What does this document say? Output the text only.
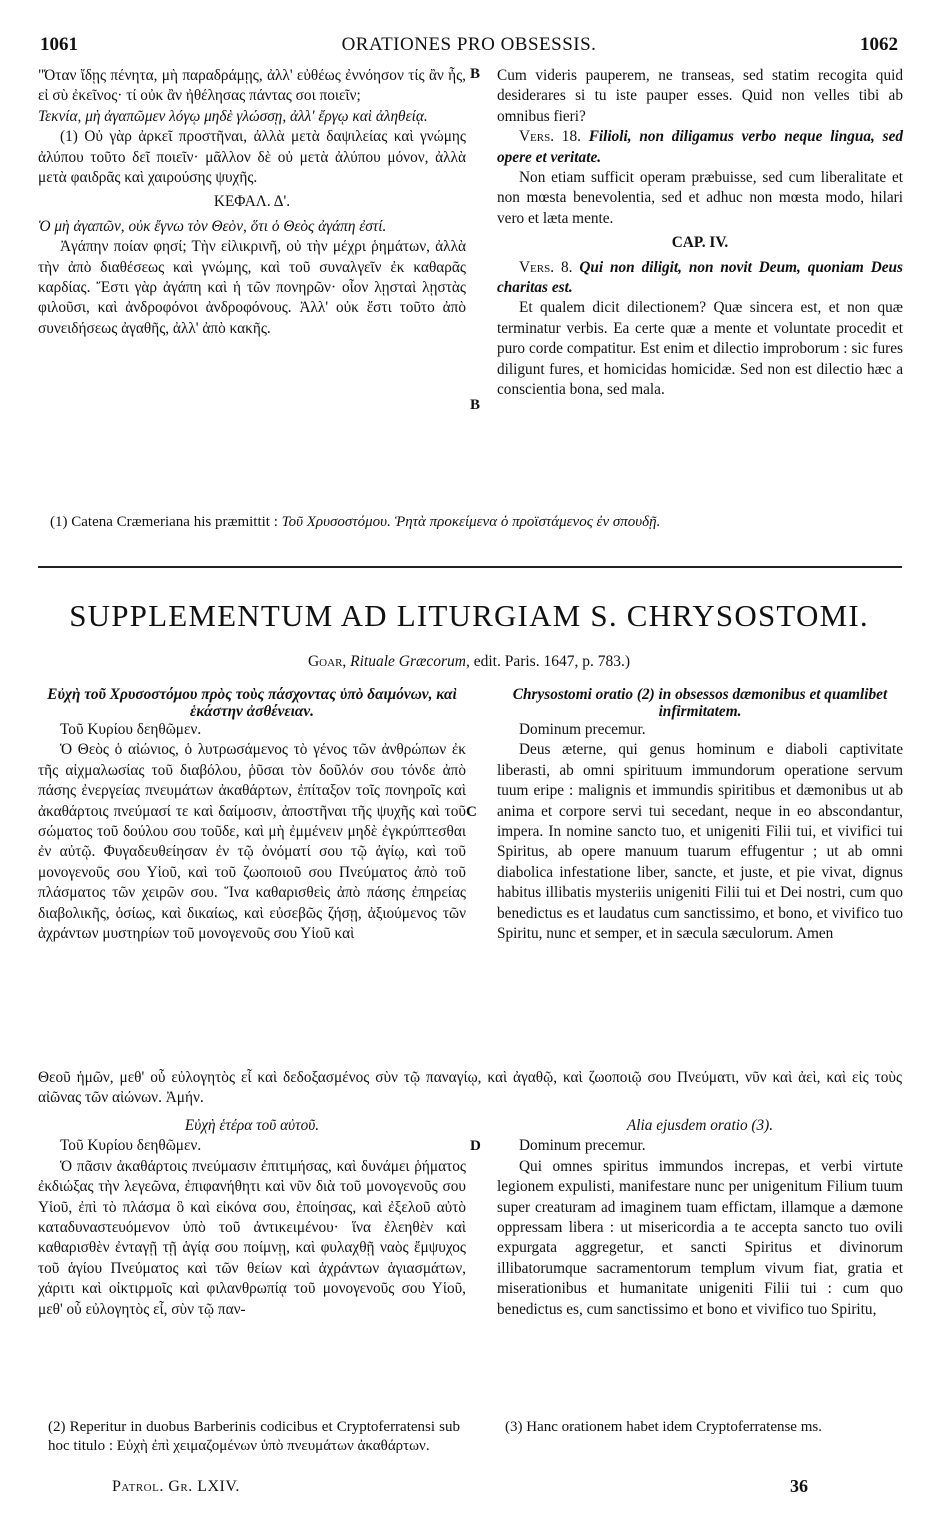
1061	ORATIONES PRO OBSESSIS.	1062

"Όταν ἴδῃς πένητα, μὴ παραδράμῃς, ἀλλ' εὐθέως ἐννόησον τίς ἂν ἦς, εἰ σὺ ἐκεῖνος· τί οὐκ ἂν ἠθέλησας πάντας σοι ποιεῖν;

Τεκνία, μὴ ἀγαπῶμεν λόγῳ μηδὲ γλώσσῃ, ἀλλ' ἔργῳ καὶ ἀληθείᾳ.

(1) Οὐ γὰρ ἀρκεῖ προστῆναι, ἀλλὰ μετὰ δαψιλείας καὶ γνώμης ἀλύπου τοῦτο δεῖ ποιεῖν· μᾶλλον δὲ οὐ μετὰ ἀλύπου μόνον, ἀλλὰ μετὰ φαιδρᾶς καὶ χαιρούσης ψυχῆς.

ΚΕΦΑΛ. Δ'.

Ὁ μὴ ἀγαπῶν, οὐκ ἔγνω τὸν Θεὸν, ὅτι ὁ Θεὸς ἀγάπη ἐστί.

Ἀγάπην ποίαν φησί; Τὴν εἰλικρινῆ, οὐ τὴν μέχρι ῥημάτων, ἀλλὰ τὴν ἀπὸ διαθέσεως καὶ γνώμης, καὶ τοῦ συναλγεῖν ἐκ καθαρᾶς καρδίας. Ἔστι γὰρ ἀγάπη καὶ ἡ τῶν πονηρῶν· οἷον λῃσταὶ λῃστὰς φιλοῦσι, καὶ ἀνδροφόνοι ἀνδροφόνους. Ἀλλ' οὐκ ἔστι τοῦτο ἀπὸ συνειδήσεως ἀγαθῆς, ἀλλ' ἀπὸ κακῆς.

B
B

Cum videris pauperem, ne transeas, sed statim recogita quid desiderares si tu iste pauper esses. Quid non velles tibi ab omnibus fieri?

Vers. 18. Filioli, non diligamus verbo neque lingua, sed opere et veritate.

Non etiam sufficit operam præbuisse, sed cum liberalitate et non mœsta benevolentia, sed et adhuc non mœsta modo, hilari vero et læta mente.

CAP. IV.

Vers. 8. Qui non diligit, non novit Deum, quoniam Deus charitas est.

Et qualem dicit dilectionem? Quæ sincera est, et non quæ terminatur verbis. Ea certe quæ a mente et voluntate procedit et puro corde compatitur. Est enim et dilectio improborum : sic fures diligunt fures, et homicidas homicidæ. Sed non est dilectio hæc a conscientia bona, sed mala.

(1) Catena Cræmeriana his præmittit : Τοῦ Χρυσοστόμου. Ῥητὰ προκείμενα ὁ προϊστάμενος ἐν σπουδῇ.
SUPPLEMENTUM AD LITURGIAM S. CHRYSOSTOMI.
Goar, Rituale Græcorum, edit. Paris. 1647, p. 783.)

Εὐχὴ τοῦ Χρυσοστόμου πρὸς τοὺς πάσχοντας ὑπὸ δαιμόνων, καὶ ἑκάστην ἀσθένειαν.

Τοῦ Κυρίου δεηθῶμεν.

Ὁ Θεὸς ὁ αἰώνιος, ὁ λυτρωσάμενος τὸ γένος τῶν ἀνθρώπων ἐκ τῆς αἰχμαλωσίας τοῦ διαβόλου, ῥῦσαι τὸν δοῦλόν σου τόνδε ἀπὸ πάσης ἐνεργείας πνευμάτων ἀκαθάρτων, ἐπίταξον τοῖς πονηροῖς καὶ ἀκαθάρτοις πνεύμασί τε καὶ δαίμοσιν, ἀποστῆναι τῆς ψυχῆς καὶ τοῦ σώματος τοῦ δούλου σου τοῦδε, καὶ μὴ ἐμμένειν μηδὲ ἐγκρύπτεσθαι ἐν αὐτῷ. Φυγαδευθείησαν ἐν τῷ ὀνόματί σου τῷ ἁγίῳ, καὶ τοῦ μονογενοῦς σου Υἱοῦ, καὶ τοῦ ζωοποιοῦ σου Πνεύματος ἀπὸ τοῦ πλάσματος τῶν χειρῶν σου. Ἵνα καθαρισθεὶς ἀπὸ πάσης ἐπηρείας διαβολικῆς, ὁσίως, καὶ δικαίως, καὶ εὐσεβῶς ζήσῃ, ἀξιούμενος τῶν ἀχράντων μυστηρίων τοῦ μονογενοῦς σου Υἱοῦ καὶ

Chrysostomi oratio (2) in obsessos dæmonibus et quamlibet infirmitatem.

Dominum precemur.

Deus æterne, qui genus hominum e diaboli captivitate liberasti, ab omni spirituum immundorum operatione servum tuum eripe : malignis et immundis spiritibus et dæmonibus ut ab anima et corpore servi tui secedant, neque in eo abscondantur, impera. In nomine sancto tuo, et unigeniti Filii tui, et vivifici tui Spiritus, ab opere manuum tuarum effugentur ; ut ab omni diabolica infestatione liber, sancte, et juste, et pie vivat, dignus habitus illibatis mysteriis unigeniti Filii tui et Dei nostri, cum quo benedictus es et laudatus cum sanctissimo, et bono, et vivifico tuo Spiritu, nunc et semper, et in sæcula sæculorum. Amen

C

Θεοῦ ἡμῶν, μεθ' οὗ εὐλογητὸς εἶ καὶ δεδοξασμένος σὺν τῷ παναγίῳ, καὶ ἀγαθῷ, καὶ ζωοποιῷ σου Πνεύματι, νῦν καὶ ἀεὶ, καὶ εἰς τοὺς αἰῶνας τῶν αἰώνων. Ἀμήν.

Εὐχὴ ἑτέρα τοῦ αὐτοῦ.

Τοῦ Κυρίου δεηθῶμεν.

Ὁ πᾶσιν ἀκαθάρτοις πνεύμασιν ἐπιτιμήσας, καὶ δυνάμει ῥήματος ἐκδιώξας τὴν λεγεῶνα, ἐπιφανήθητι καὶ νῦν διὰ τοῦ μονογενοῦς σου Υἱοῦ, ἐπὶ τὸ πλάσμα ὃ καὶ εἰκόνα σου, ἐποίησας, καὶ ἐξελοῦ αὐτὸ καταδυναστευόμενον ὑπὸ τοῦ ἀντικειμένου· ἵνα ἐλεηθὲν καὶ καθαρισθὲν ἐνταγῇ τῇ ἁγίᾳ σου ποίμνῃ, καὶ φυλαχθῇ ναὸς ἔμψυχος τοῦ ἁγίου Πνεύματος καὶ τῶν θείων καὶ ἀχράντων ἁγιασμάτων, χάριτι καὶ οἰκτιρμοῖς καὶ φιλανθρωπίᾳ τοῦ μονογενοῦς σου Υἱοῦ, μεθ' οὗ εὐλογητὸς εἶ, σὺν τῷ παν-

D

Alia ejusdem oratio (3).

Dominum precemur.

Qui omnes spiritus immundos increpas, et verbi virtute legionem expulisti, manifestare nunc per unigenitum Filium tuum super creaturam ad imaginem tuam effictam, illamque a dæmone oppressam libera : ut misericordia a te accepta sancto tuo ovili expurgata aggregetur, et sancti Spiritus et divinorum illibatorumque sacramentorum templum vivum fiat, gratia et miserationibus et humanitate unigeniti Filii tui : cum quo benedictus es, cum sanctissimo et bono et vivifico tuo Spiritu,

(2) Reperitur in duobus Barberinis codicibus et Cryptoferratensi sub hoc titulo : Εὐχὴ ἐπὶ χειμαζομένων ὑπὸ πνευμάτων ἀκαθάρτων.
(3) Hanc orationem habet idem Cryptoferratense ms.
Patrol. Gr. LXIV.	36
